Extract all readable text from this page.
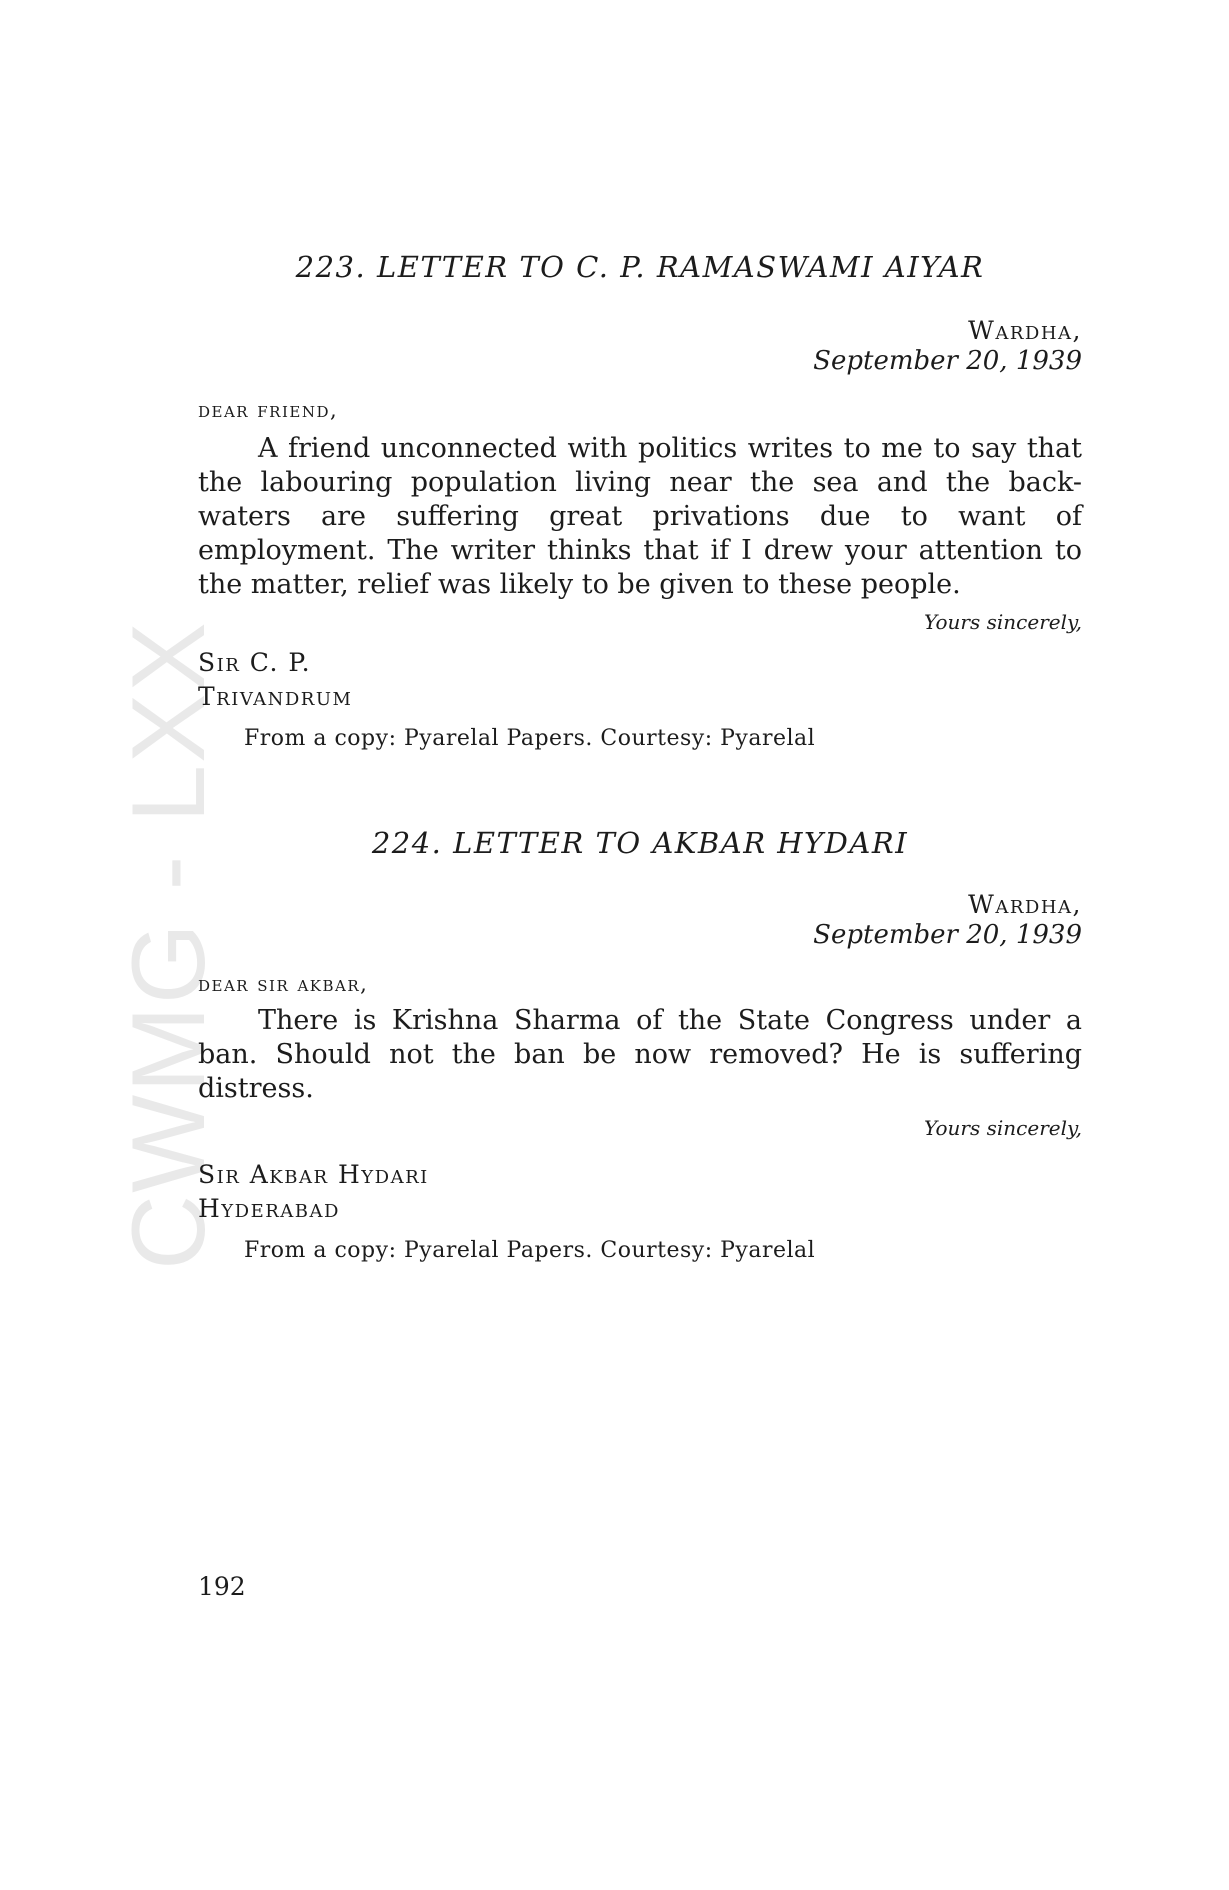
CWMG - LXX
223. LETTER TO C. P. RAMASWAMI AIYAR
Wardha,
September 20, 1939
dear friend,
A friend unconnected with politics writes to me to say that the labouring population living near the sea and the back-waters are suffering great privations due to want of employment. The writer thinks that if I drew your attention to the matter, relief was likely to be given to these people.
Yours sincerely,
Sir C. P.
Trivandrum
From a copy: Pyarelal Papers. Courtesy: Pyarelal
224. LETTER TO AKBAR HYDARI
Wardha,
September 20, 1939
dear sir akbar,
There is Krishna Sharma of the State Congress under a ban. Should not the ban be now removed? He is suffering distress.
Yours sincerely,
Sir Akbar Hydari
Hyderabad
From a copy: Pyarelal Papers. Courtesy: Pyarelal
192
